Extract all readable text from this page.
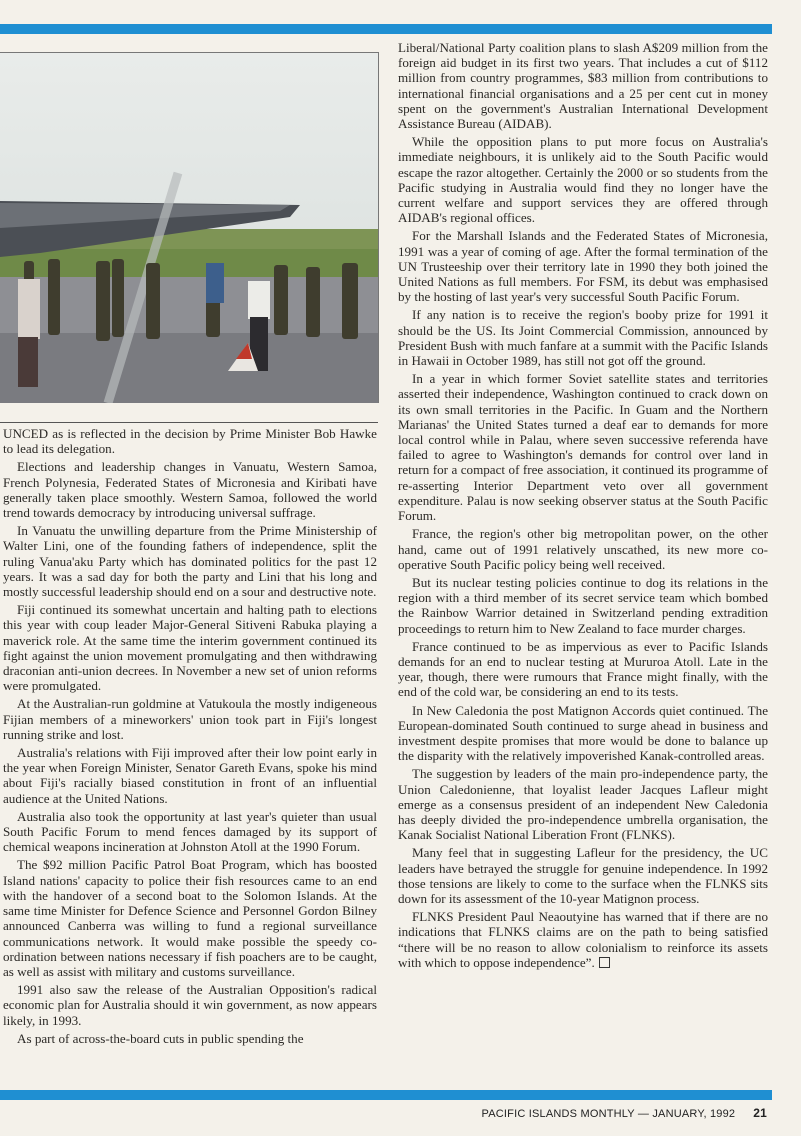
UNCED as is reflected in the decision by Prime Minister Bob Hawke to lead its delegation.

Elections and leadership changes in Vanuatu, Western Samoa, French Polynesia, Federated States of Micronesia and Kiribati have generally taken place smoothly. Western Samoa, followed the world trend towards democracy by introducing universal suffrage.

In Vanuatu the unwilling departure from the Prime Ministership of Walter Lini, one of the founding fathers of independence, split the ruling Vanua'aku Party which has dominated politics for the past 12 years. It was a sad day for both the party and Lini that his long and mostly successful leadership should end on a sour and destructive note.

Fiji continued its somewhat uncertain and halting path to elections this year with coup leader Major-General Sitiveni Rabuka playing a maverick role. At the same time the interim government continued its fight against the union movement promulgating and then withdrawing draconian anti-union decrees. In November a new set of union reforms were promulgated.

At the Australian-run goldmine at Vatukoula the mostly indigeneous Fijian members of a mineworkers' union took part in Fiji's longest running strike and lost.

Australia's relations with Fiji improved after their low point early in the year when Foreign Minister, Senator Gareth Evans, spoke his mind about Fiji's racially biased constitution in front of an influential audience at the United Nations.

Australia also took the opportunity at last year's quieter than usual South Pacific Forum to mend fences damaged by its support of chemical weapons incineration at Johnston Atoll at the 1990 Forum.

The $92 million Pacific Patrol Boat Program, which has boosted Island nations' capacity to police their fish resources came to an end with the handover of a second boat to the Solomon Islands. At the same time Minister for Defence Science and Personnel Gordon Bilney announced Canberra was willing to fund a regional surveillance communications network. It would make possible the speedy co-ordination between nations necessary if fish poachers are to be caught, as well as assist with military and customs surveillance.

1991 also saw the release of the Australian Opposition's radical economic plan for Australia should it win government, as now appears likely, in 1993.

As part of across-the-board cuts in public spending the

Liberal/National Party coalition plans to slash A$209 million from the foreign aid budget in its first two years. That includes a cut of $112 million from country programmes, $83 million from contributions to international financial organisations and a 25 per cent cut in money spent on the government's Australian International Development Assistance Bureau (AIDAB).

While the opposition plans to put more focus on Australia's immediate neighbours, it is unlikely aid to the South Pacific would escape the razor altogether. Certainly the 2000 or so students from the Pacific studying in Australia would find they no longer have the current welfare and support services they are offered through AIDAB's regional offices.

For the Marshall Islands and the Federated States of Micronesia, 1991 was a year of coming of age. After the formal termination of the UN Trusteeship over their territory late in 1990 they both joined the United Nations as full members. For FSM, its debut was emphasised by the hosting of last year's very successful South Pacific Forum.

If any nation is to receive the region's booby prize for 1991 it should be the US. Its Joint Commercial Commission, announced by President Bush with much fanfare at a summit with the Pacific Islands in Hawaii in October 1989, has still not got off the ground.

In a year in which former Soviet satellite states and territories asserted their independence, Washington continued to crack down on its own small territories in the Pacific. In Guam and the Northern Marianas' the United States turned a deaf ear to demands for more local control while in Palau, where seven successive referenda have failed to agree to Washington's demands for control over land in return for a compact of free association, it continued its programme of re-asserting Interior Department veto over all government expenditure. Palau is now seeking observer status at the South Pacific Forum.

France, the region's other big metropolitan power, on the other hand, came out of 1991 relatively unscathed, its new more co-operative South Pacific policy being well received.

But its nuclear testing policies continue to dog its relations in the region with a third member of its secret service team which bombed the Rainbow Warrior detained in Switzerland pending extradition proceedings to return him to New Zealand to face murder charges.

France continued to be as impervious as ever to Pacific Islands demands for an end to nuclear testing at Mururoa Atoll. Late in the year, though, there were rumours that France might finally, with the end of the cold war, be considering an end to its tests.

In New Caledonia the post Matignon Accords quiet continued. The European-dominated South continued to surge ahead in business and investment despite promises that more would be done to balance up the disparity with the relatively impoverished Kanak-controlled areas.

The suggestion by leaders of the main pro-independence party, the Union Caledonienne, that loyalist leader Jacques Lafleur might emerge as a consensus president of an independent New Caledonia has deeply divided the pro-independence umbrella organisation, the Kanak Socialist National Liberation Front (FLNKS).

Many feel that in suggesting Lafleur for the presidency, the UC leaders have betrayed the struggle for genuine independence. In 1992 those tensions are likely to come to the surface when the FLNKS sits down for its assessment of the 10-year Matignon process.

FLNKS President Paul Neaoutyine has warned that if there are no indications that FLNKS claims are on the path to being satisfied “there will be no reason to allow colonialism to reinforce its assets with which to oppose independence”.

PACIFIC ISLANDS MONTHLY — JANUARY, 1992 21
